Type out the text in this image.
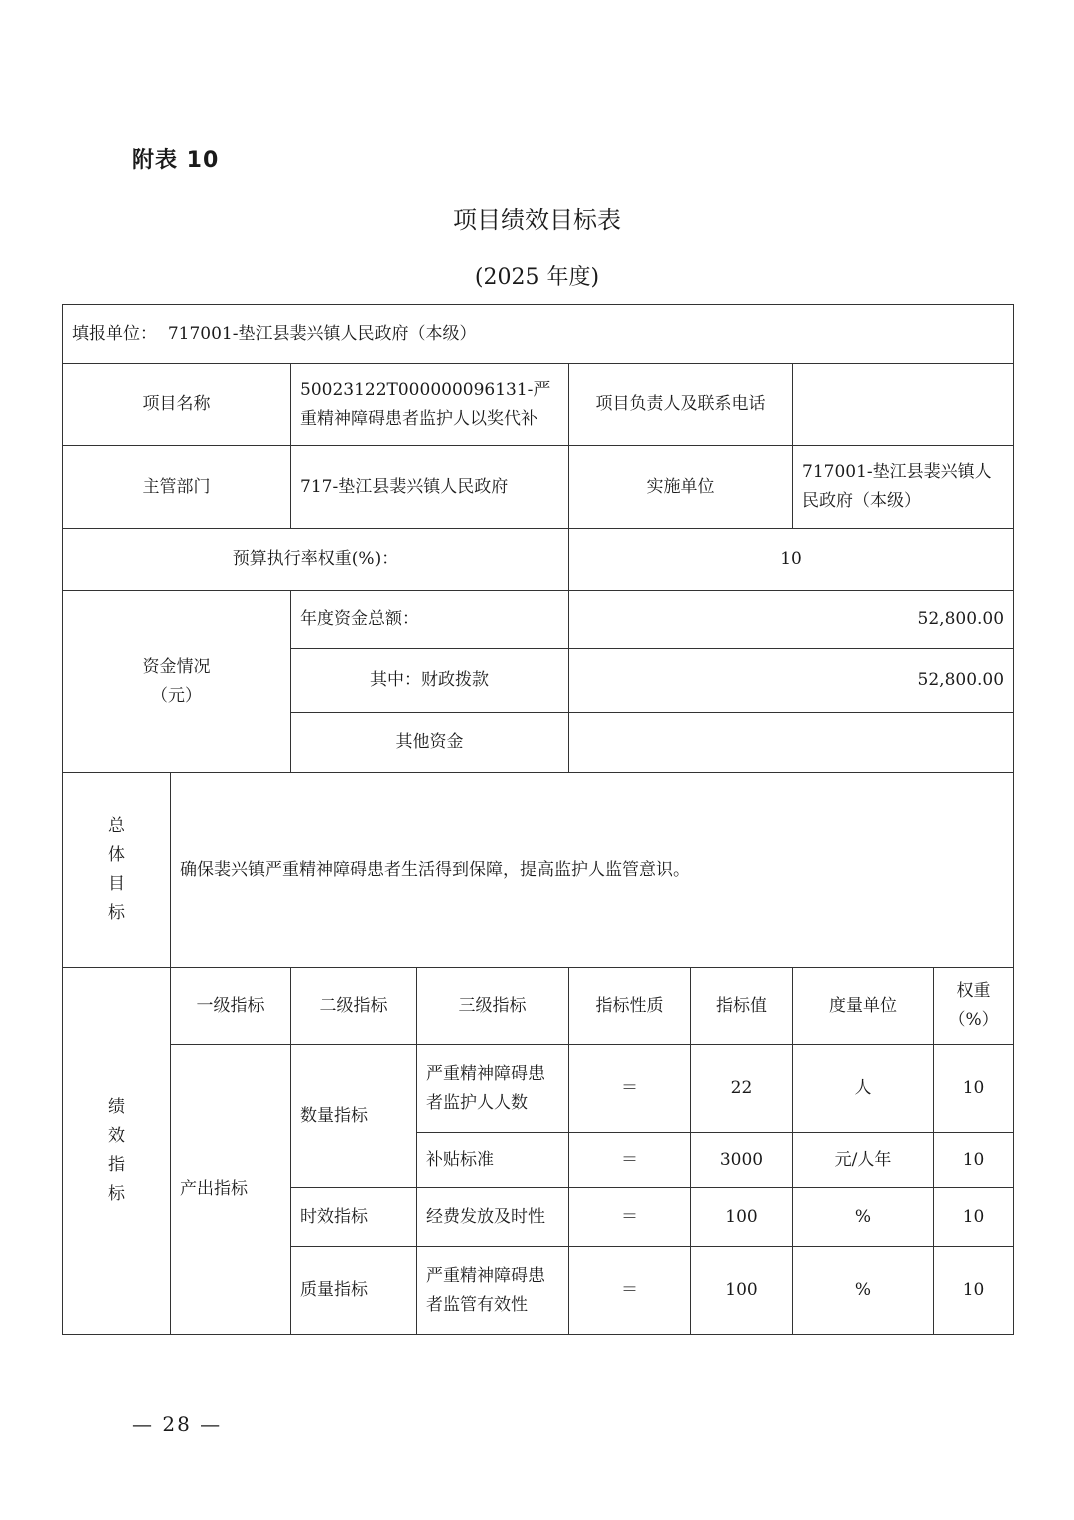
附表 10
项目绩效目标表
(2025 年度)
填报单位： 717001-垫江县裴兴镇人民政府（本级）							
项目名称		50023122T000000096131-严重精神障碍患者监护人以奖代补		项目负责人及联系电话			
主管部门		717-垫江县裴兴镇人民政府		实施单位		717001-垫江县裴兴镇人民政府（本级）	
预算执行率权重(%)：				10			
资金情况（元）		年度资金总额：		52,800.00			
		其中：财政拨款		52,800.00			
		其他资金					
总体目标	确保裴兴镇严重精神障碍患者生活得到保障，提高监护人监管意识。						
绩效指标	一级指标	二级指标	三级指标	指标性质	指标值	度量单位	权重（%）
	产出指标	数量指标	严重精神障碍患者监护人人数	＝	22	人	10
			补贴标准	＝	3000	元/人年	10
		时效指标	经费发放及时性	＝	100	%	10
		质量指标	严重精神障碍患者监管有效性	＝	100	%	10
— 28 —
